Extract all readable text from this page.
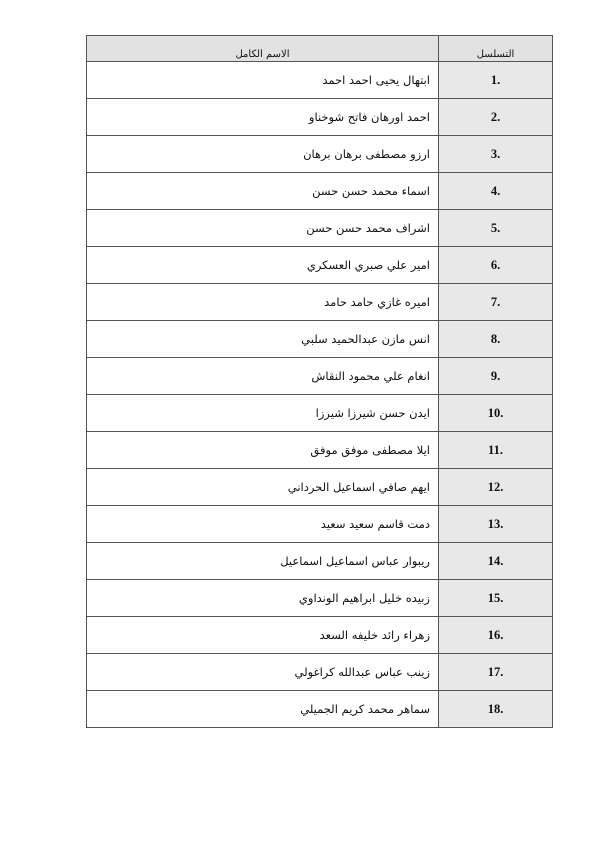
التسلسل	الاسم الكامل
1.	ابتهال يحيى احمد احمد
2.	احمد اورهان فاتح شوخناو
3.	ارزو مصطفى برهان برهان
4.	اسماء محمد حسن حسن
5.	اشراف محمد حسن حسن
6.	امير علي صبري العسكري
7.	اميره غازي حامد حامد
8.	انس مازن عبدالحميد سلبي
9.	انغام علي محمود النقاش
10.	ايدن حسن شيرزا شيرزا
11.	ايلا مصطفى موفق موفق
12.	ايهم صافي اسماعيل الحرداني
13.	دمت قاسم سعيد سعيد
14.	ريبوار عباس اسماعيل اسماعيل
15.	زبيده خليل ابراهيم الونداوي
16.	زهراء رائد خليفه السعد
17.	زينب عباس عبدالله كراغولي
18.	سماهر محمد كريم الجميلي
